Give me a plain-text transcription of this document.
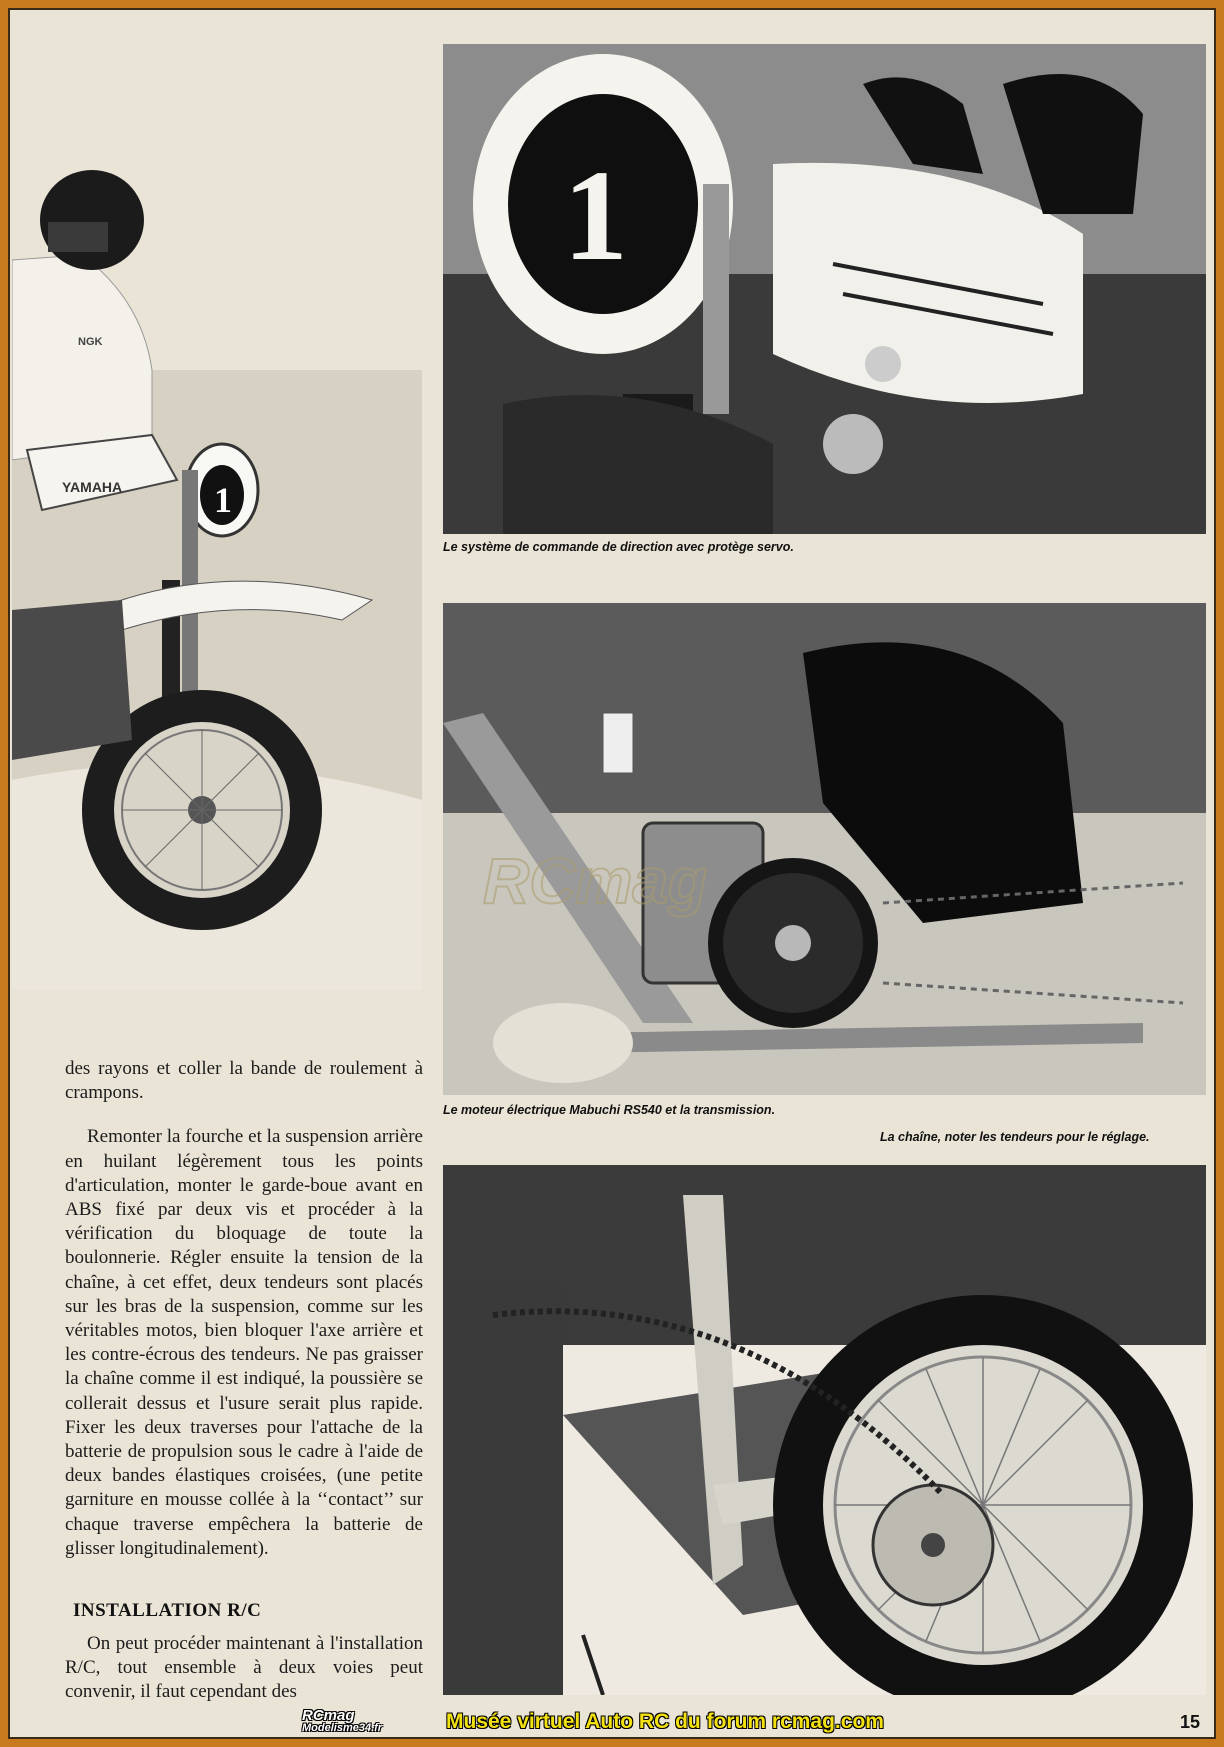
1
YAMAHA
NGK
1

Le système de commande de direction avec protège servo.

RCmag

Le moteur électrique Mabuchi RS540 et la transmission.

La chaîne, noter les tendeurs pour le réglage.

des rayons et coller la bande de roulement à crampons.

Remonter la fourche et la suspension arrière en huilant légèrement tous les points d'articulation, monter le garde-boue avant en ABS fixé par deux vis et procéder à la vérification du bloquage de toute la boulonnerie. Régler ensuite la tension de la chaîne, à cet effet, deux tendeurs sont placés sur les bras de la suspension, comme sur les véritables motos, bien bloquer l'axe arrière et les contre-écrous des tendeurs. Ne pas graisser la chaîne comme il est indiqué, la poussière se collerait dessus et l'usure serait plus rapide. Fixer les deux traverses pour l'attache de la batterie de propulsion sous le cadre à l'aide de deux bandes élastiques croisées, (une petite garniture en mousse collée à la ‘‘contact’’ sur chaque traverse empêchera la batterie de glisser longitudinalement).

INSTALLATION R/C

On peut procéder maintenant à l'installation R/C, tout ensemble à deux voies peut convenir, il faut cependant des

RCmag
Modelisme34.fr	Musée virtuel Auto RC du forum rcmag.com	15
